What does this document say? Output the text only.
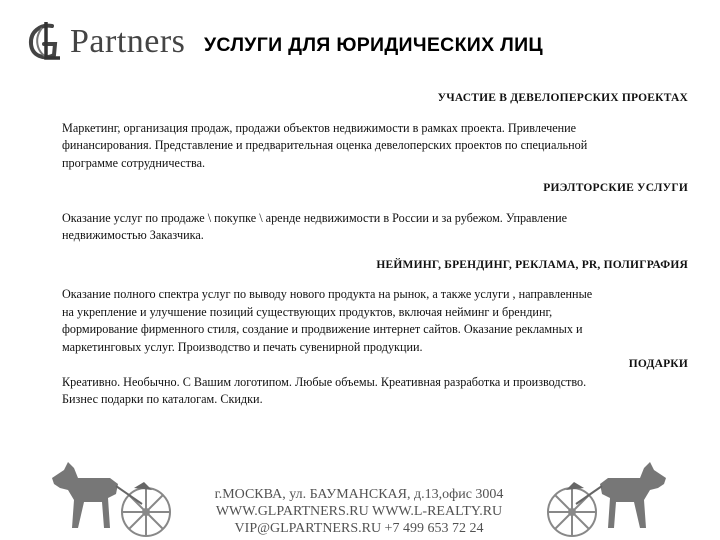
Partners УСЛУГИ ДЛЯ ЮРИДИЧЕСКИХ ЛИЦ

УЧАСТИЕ В ДЕВЕЛОПЕРСКИХ ПРОЕКТАХ

Маркетинг, организация продаж, продажи объектов недвижимости в рамках проекта. Привлечение
финансирования. Представление и предварительная оценка девелоперских проектов по специальной
программе сотрудничества.

РИЭЛТОРСКИЕ УСЛУГИ

Оказание услуг по продаже \ покупке \ аренде недвижимости в России и за рубежом. Управление
недвижимостью Заказчика.

НЕЙМИНГ, БРЕНДИНГ, РЕКЛАМА, PR, ПОЛИГРАФИЯ

Оказание полного спектра услуг по выводу нового продукта на рынок, а также услуги , направленные
на укрепление и улучшение позиций существующих продуктов, включая нейминг и брендинг,
формирование фирменного стиля, создание и продвижение интернет сайтов. Оказание рекламных и
маркетинговых услуг. Производство и печать сувенирной продукции.

ПОДАРКИ

Креативно. Необычно. С Вашим логотипом. Любые объемы. Креативная разработка и производство.
Бизнес подарки по каталогам. Скидки.

г.МОСКВА, ул. БАУМАНСКАЯ, д.13,офис 3004
WWW.GLPARTNERS.RU WWW.L-REALTY.RU
VIP@GLPARTNERS.RU +7 499 653 72 24
